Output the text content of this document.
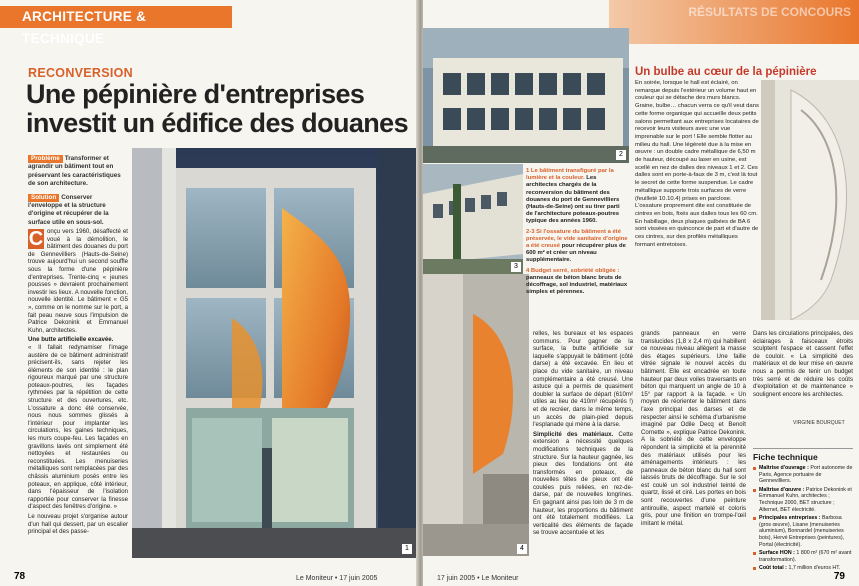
ARCHITECTURE & TECHNIQUE
RECONVERSION
Une pépinière d'entreprises
investit un édifice des douanes
Problème Transformer et agrandir un bâtiment tout en préservant les caractéristiques de son architecture.
Solution Conserver l'enveloppe et la structure d'origine et récupérer de la surface utile en sous-sol.

C onçu vers 1960, désaffecté et voué à la démolition, le bâtiment des douanes du port de Gennevilliers (Hauts-de-Seine) trouve aujourd'hui un second souffle sous la forme d'une pépinière d'entreprises. Trente-cinq « jeunes pousses » devraient prochainement investir les lieux. A nouvelle fonction, nouvelle identité. Le bâtiment « G5 », comme on le nomme sur le port, a fait peau neuve sous l'impulsion de Patrice Dekonink et Emmanuel Kuhn, architectes.

Une butte artificielle excavée.
« Il fallait redynamiser l'image austère de ce bâtiment administratif précisent-ils, sans rejeter les éléments de son identité : le plan rigoureux marqué par une structure poteaux-poutres, les façades rythmées par la répétition de cette structure et des ouvertures, etc. L'ossature a donc été conservée, nous nous sommes glissés à l'intérieur pour implanter les circulations, les gaines techniques, les murs coupe-feu. Les façades en gravillons lavés ont simplement été nettoyées et restaurées ou reconstituées. Les menuiseries métalliques sont remplacées par des châssis aluminium posés entre les poteaux, en applique, côté intérieur, dans l'épaisseur de l'isolation rapportée pour conserver la finesse d'aspect des fenêtres d'origine. »

Le nouveau projet s'organise autour d'un hall qui dessert, par un escalier principal et des passe-

1
78	Le Moniteur • 17 juin 2005
RÉSULTATS DE CONCOURS

1 Le bâtiment transfiguré par la lumière et la couleur. Les architectes chargés de la reconversion du bâtiment des douanes du port de Gennevilliers (Hauts-de-Seine) ont su tirer parti de l'architecture poteaux-poutres typique des années 1960.

2-3 Si l'ossature du bâtiment a été préservée, le vide sanitaire d'origine a été creusé pour récupérer plus de 600 m² et créer un niveau supplémentaire.

4 Budget serré, sobriété obligée : panneaux de béton blanc bruts de décoffrage, sol industriel, matériaux simples et pérennes.

Un bulbe au cœur de la pépinière
En soirée, lorsque le hall est éclairé, on remarque depuis l'extérieur un volume haut en couleur qui se détache des murs blancs. Graine, bulbe… chacun verra ce qu'il veut dans cette forme organique qui accueille deux petits salons permettant aux entreprises locataires de recevoir leurs visiteurs avec une vue imprenable sur le port ! Elle semble flotter au milieu du hall. Une légèreté due à la mise en œuvre : un double cadre métallique de 6,50 m de hauteur, découpé au laser en usine, est scellé en nez de dalles des niveaux 1 et 2. Ces dalles sont en porte-à-faux de 3 m, c'est là tout le secret de cette forme suspendue. Le cadre métallique supporte trois surfaces de verre (feuilleté 10.10.4) prises en parclose. L'ossature proprement dite est constituée de cintres en bois, fixés aux dalles tous les 60 cm. En habillage, deux plaques galbées de BA 6 sont vissées en quinconce de part et d'autre de ces cintres, sur des profilés métalliques formant entretoises.

relles, les bureaux et les espaces communs. Pour gagner de la surface, la butte artificielle sur laquelle s'appuyait le bâtiment (côté darse) a été excavée. En lieu et place du vide sanitaire, un niveau complémentaire a été creusé. Une astuce qui a permis de quasiment doubler la surface de départ (610m² utiles au lieu de 410m² récupérés !) et de recréer, dans le même temps, un accès de plain-pied depuis l'esplanade qui mène à la darse.

Simplicité des matériaux. Cette extension a nécessité quelques modifications techniques de la structure. Sur la hauteur gagnée, les pieux des fondations ont été transformés en poteaux, de nouvelles têtes de pieux ont été coulées puis reliées, en rez-de-darse, par de nouvelles longrines. En gagnant ainsi pas loin de 3 m de hauteur, les proportions du bâtiment ont été totalement modifiées. La verticalité des éléments de façade se trouve accentuée et les

grands panneaux en verre translucides (1,8 x 2,4 m) qui habillent ce nouveau niveau allègent la masse des étages supérieurs. Une faille vitrée signale le nouvel accès du bâtiment. Elle est encadrée en toute hauteur par deux voiles traversants en béton qui marquent un angle de 10 à 15° par rapport à la façade. « Un moyen de réorienter le bâtiment dans l'axe principal des darses et de respecter ainsi le schéma d'urbanisme imaginé par Odile Decq et Benoît Cornette », explique Patrice Dekonink. A la sobriété de cette enveloppe répondent la simplicité et la pérennité des matériaux utilisés pour les aménagements intérieurs : les panneaux de béton blanc du hall sont laissés bruts de décoffrage. Sur le sol est coulé un sol industriel teinté de quartz, lissé et ciré. Les portes en bois sont recouvertes d'une peinture antirouille, aspect martelé et coloris gris, pour une finition en trompe-l'œil imitant le métal.
Dans les circulations principales, des éclairages à faisceaux étroits sculptent l'espace et cassent l'effet de couloir. « La simplicité des matériaux et de leur mise en œuvre nous a permis de tenir un budget très serré et de réduire les coûts d'exploitation et de maintenance » soulignent encore les architectes.
VIRGINIE BOURQUET
Fiche technique
Maîtrise d'ouvrage : Port autonome de Paris, Agence portuaire de Gennevilliers.
Maîtrise d'œuvre : Patrice Dekonink et Emmanuel Kuhn, architectes ; Technique 2000, BET structure ; Alternet, BET électricité.
Principales entreprises : Barbosa (gros œuvre), Lisane (menuiseries aluminium), Bonnardel (menuiseries bois), Hervé Entreprises (peintures), Portal (électricité).
Surface HON : 1 800 m² (670 m² avant transformation).
Coût total : 1,7 million d'euros HT.
2
3
4
17 juin 2005 • Le Moniteur	79
